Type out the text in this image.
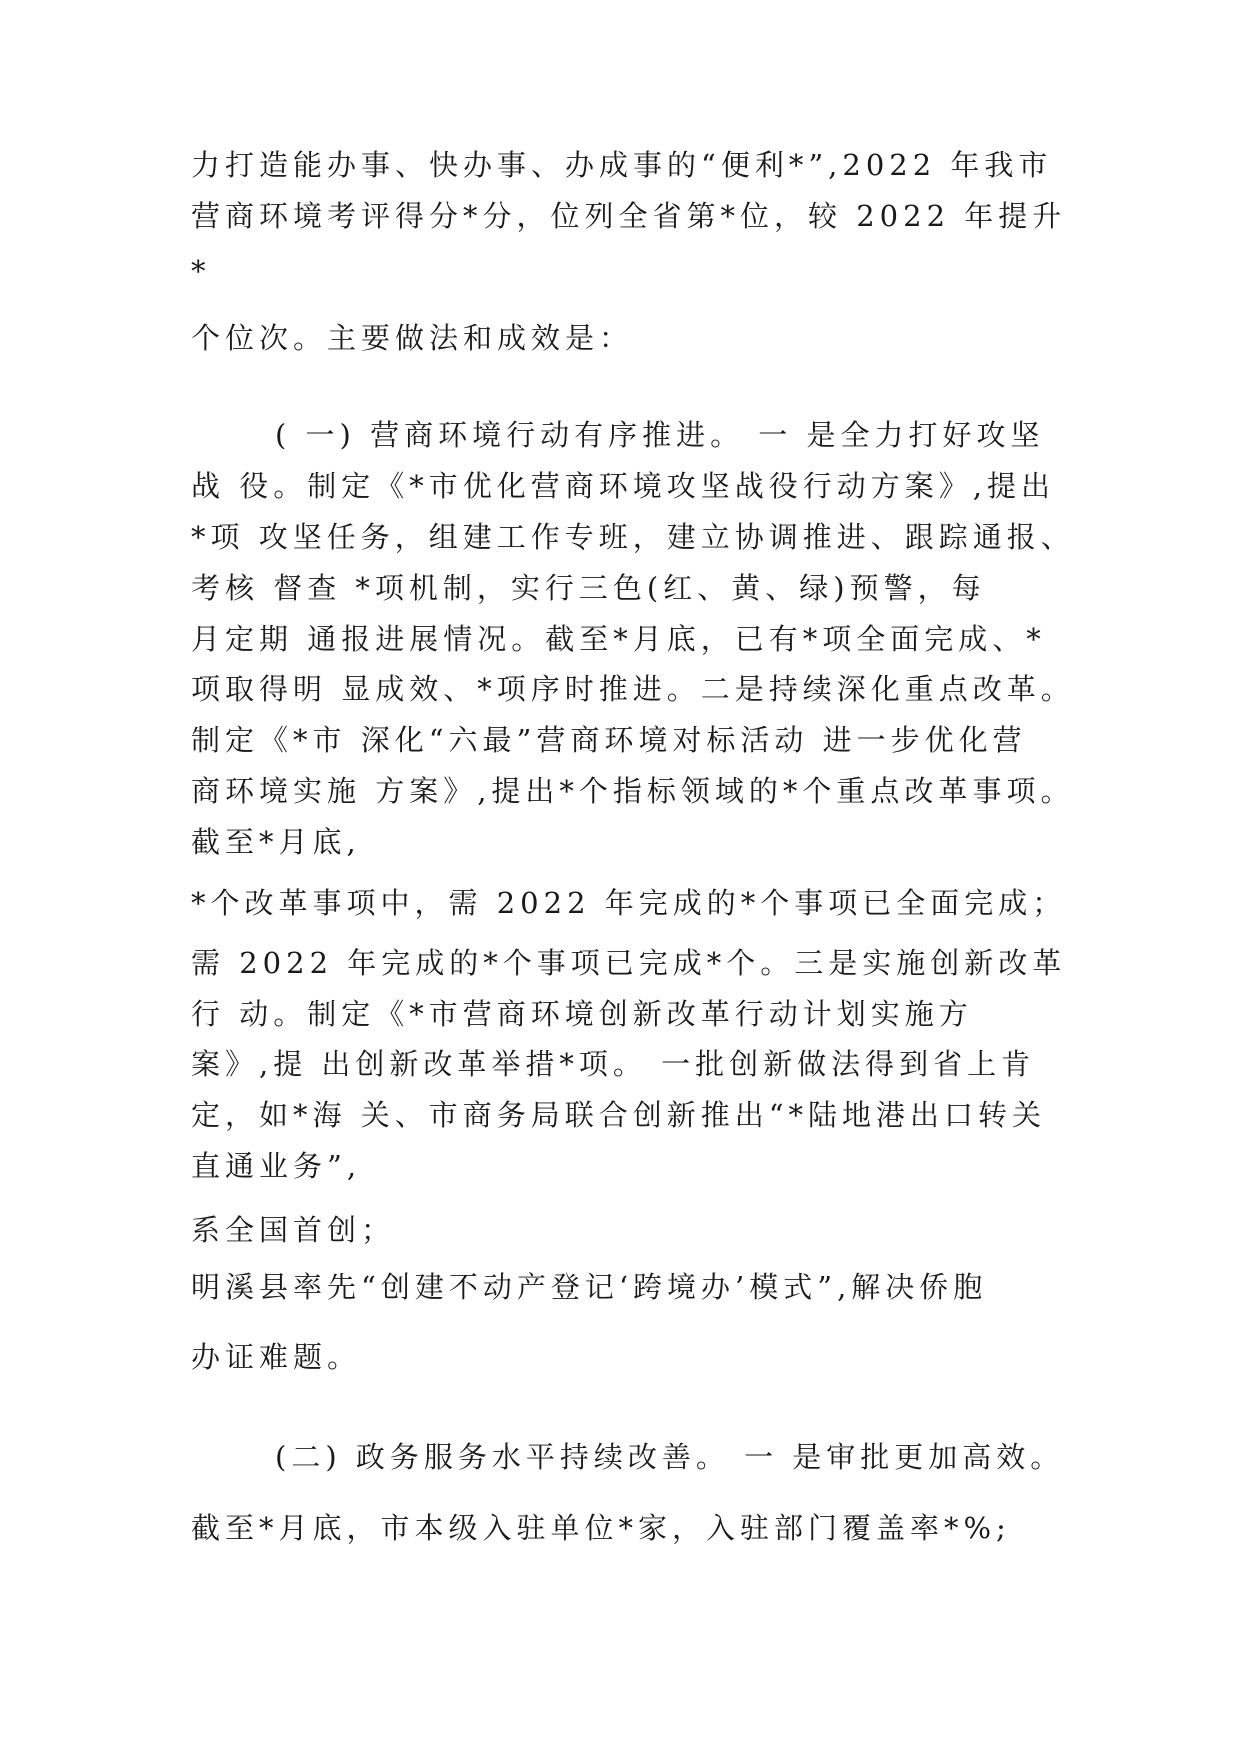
力打造能办事、快办事、办成事的“便利*”,2022 年我市
营商环境考评得分*分，位列全省第*位，较 2022 年提升
*
个位次。主要做法和成效是：
( 一) 营商环境行动有序推进。 一 是全力打好攻坚
战 役。制定《*市优化营商环境攻坚战役行动方案》,提出
*项 攻坚任务，组建工作专班，建立协调推进、跟踪通报、
考核 督查 *项机制，实行三色(红、黄、绿)预警，每
月定期 通报进展情况。截至*月底，已有*项全面完成、*
项取得明 显成效、*项序时推进。二是持续深化重点改革。
制定《*市 深化“六最”营商环境对标活动 进一步优化营
商环境实施 方案》,提出*个指标领域的*个重点改革事项。
截至*月底,
*个改革事项中，需 2022 年完成的*个事项已全面完成；
需 2022 年完成的*个事项已完成*个。三是实施创新改革
行 动。制定《*市营商环境创新改革行动计划实施方
案》,提 出创新改革举措*项。 一批创新做法得到省上肯
定，如*海 关、市商务局联合创新推出“*陆地港出口转关
直通业务”,
系全国首创；
明溪县率先“创建不动产登记‘跨境办’模式”,解决侨胞
办证难题。
(二) 政务服务水平持续改善。 一 是审批更加高效。
截至*月底，市本级入驻单位*家，入驻部门覆盖率*%;
